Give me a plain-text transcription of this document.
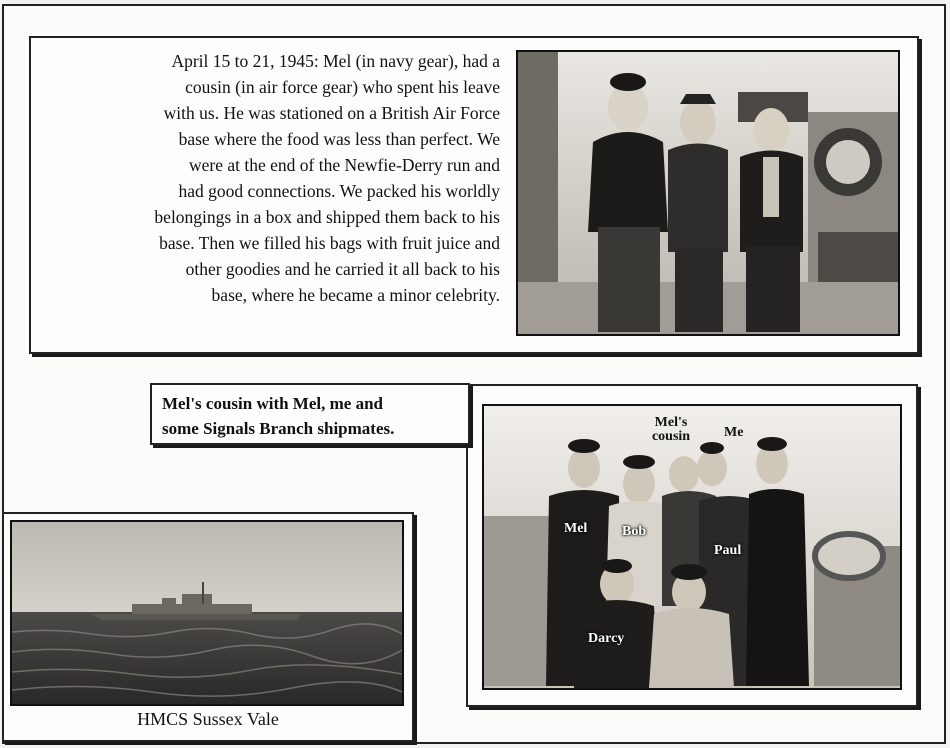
April 15 to 21, 1945: Mel (in navy gear), had a
cousin (in air force gear) who spent his leave
with us. He was stationed on a British Air Force
base where the food was less than perfect. We
were at the end of the Newfie-Derry run and
had good connections. We packed his worldly
belongings in a box and shipped them back to his
base. Then we filled his bags with fruit juice and
other goodies and he carried it all back to his
base, where he became a minor celebrity.
Mel's cousin with Mel, me and
some Signals Branch shipmates.	Mel's
cousin	Me
Mel Bob
Paul
Darcy
HMCS Sussex Vale
